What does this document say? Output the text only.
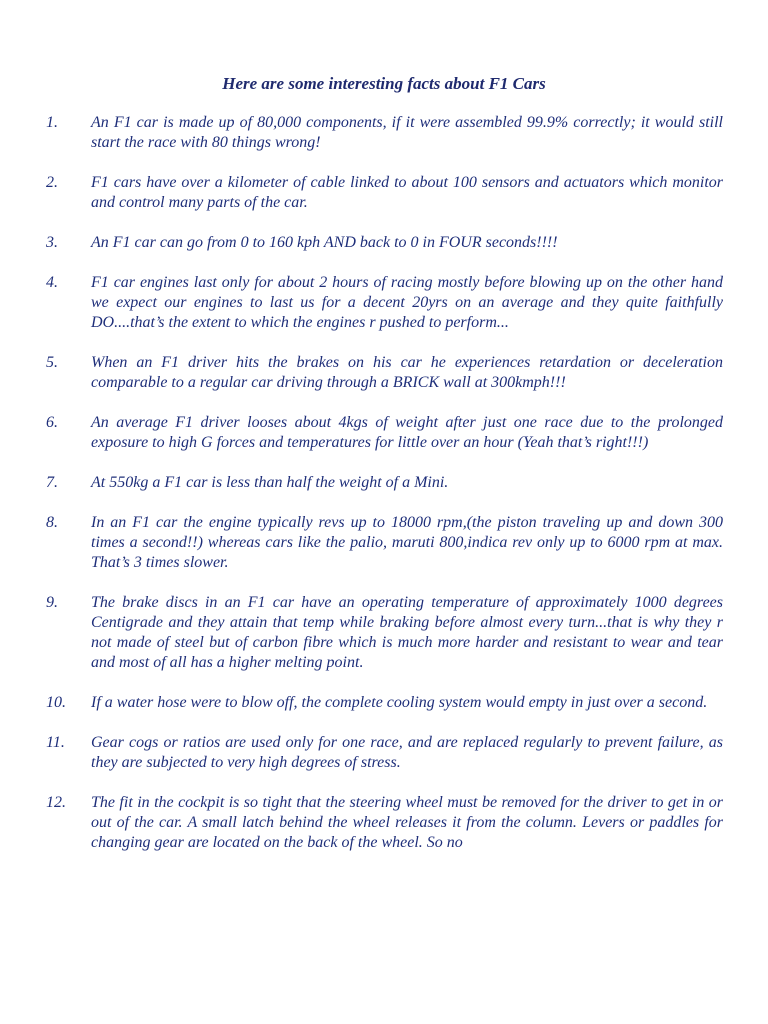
Here are some interesting facts about F1 Cars
1. An F1 car is made up of 80,000 components, if it were assembled 99.9% correctly; it would still start the race with 80 things wrong!
2. F1 cars have over a kilometer of cable linked to about 100 sensors and actuators which monitor and control many parts of the car.
3. An F1 car can go from 0 to 160 kph AND back to 0 in FOUR seconds!!!!
4. F1 car engines last only for about 2 hours of racing mostly before blowing up on the other hand we expect our engines to last us for a decent 20yrs on an average and they quite faithfully DO....that’s the extent to which the engines r pushed to perform...
5. When an F1 driver hits the brakes on his car he experiences retardation or deceleration comparable to a regular car driving through a BRICK wall at 300kmph!!!
6. An average F1 driver looses about 4kgs of weight after just one race due to the prolonged exposure to high G forces and temperatures for little over an hour (Yeah that’s right!!!)
7. At 550kg a F1 car is less than half the weight of a Mini.
8. In an F1 car the engine typically revs up to 18000 rpm,(the piston traveling up and down 300 times a second!!) whereas cars like the palio, maruti 800,indica rev only up to 6000 rpm at max. That’s 3 times slower.
9. The brake discs in an F1 car have an operating temperature of approximately 1000 degrees Centigrade and they attain that temp while braking before almost every turn...that is why they r not made of steel but of carbon fibre which is much more harder and resistant to wear and tear and most of all has a higher melting point.
10. If a water hose were to blow off, the complete cooling system would empty in just over a second.
11. Gear cogs or ratios are used only for one race, and are replaced regularly to prevent failure, as they are subjected to very high degrees of stress.
12. The fit in the cockpit is so tight that the steering wheel must be removed for the driver to get in or out of the car. A small latch behind the wheel releases it from the column. Levers or paddles for changing gear are located on the back of the wheel. So no
